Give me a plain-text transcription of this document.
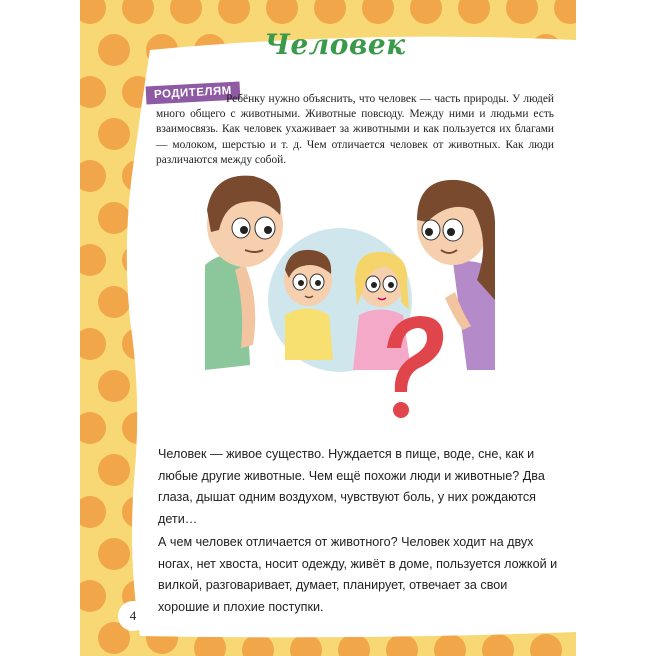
Человек
РОДИТЕЛЯМ

Ребёнку нужно объяснить, что человек — часть природы. У людей много общего с животными. Животные повсюду. Между ними и людьми есть взаимосвязь. Как человек ухаживает за животными и как пользуется их благами — молоком, шерстью и т. д. Чем отличается человек от животных. Как люди различаются между собой.

Человек — живое существо. Нуждается в пище, воде, сне, как и любые другие животные. Чем ещё похожи люди и животные? Два глаза, дышат одним воздухом, чувствуют боль, у них рождаются дети…

А чем человек отличается от животного? Человек ходит на двух ногах, нет хвоста, носит одежду, живёт в доме, пользуется ложкой и вилкой, разговаривает, думает, планирует, отвечает за свои хорошие и плохие поступки.

4
